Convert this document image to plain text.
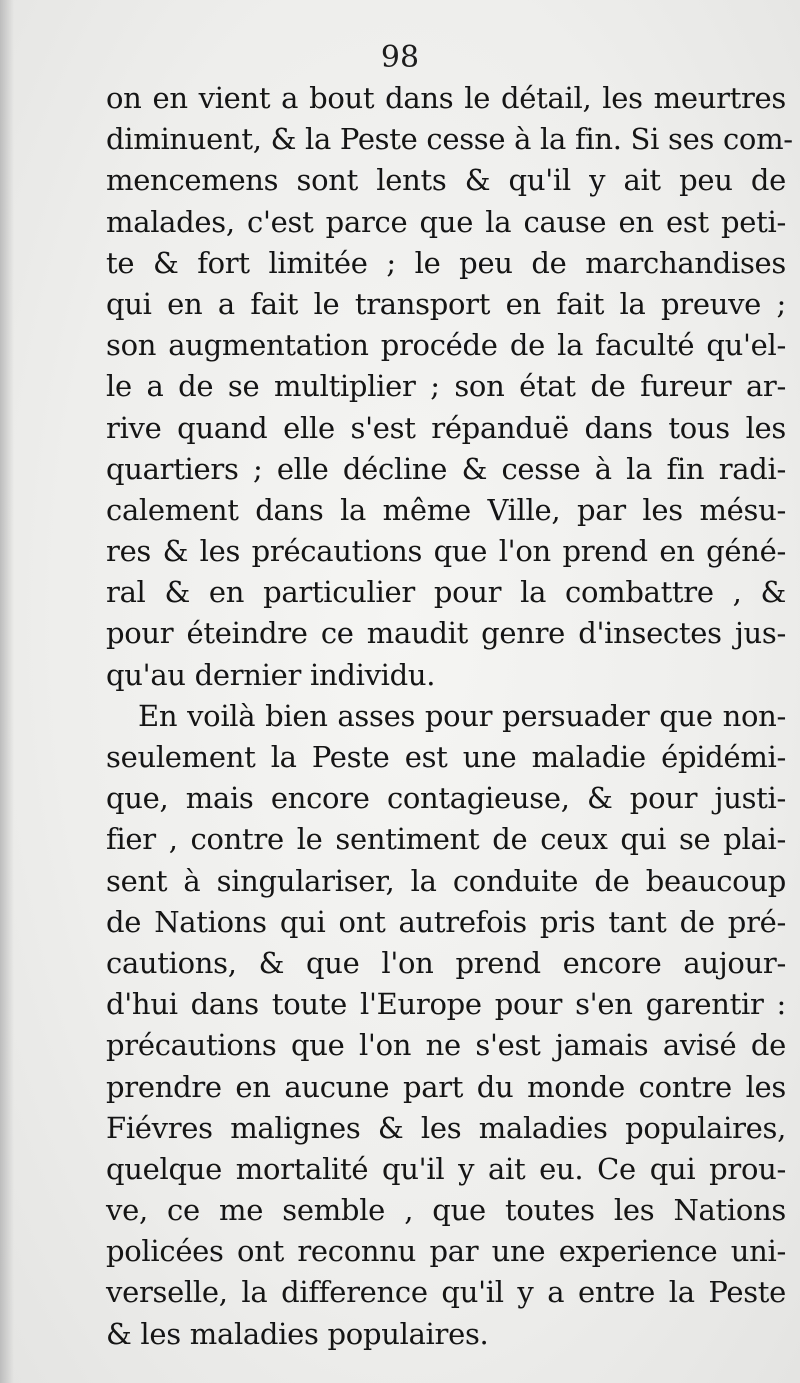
98
on en vient a bout dans le détail, les meurtres
diminuent, & la Peste cesse à la fin. Si ses com-
mencemens sont lents & qu'il y ait peu de
malades, c'est parce que la cause en est peti-
te & fort limitée ; le peu de marchandises
qui en a fait le transport en fait la preuve ;
son augmentation procéde de la faculté qu'el-
le a de se multiplier ; son état de fureur ar-
rive quand elle s'est répanduë dans tous les
quartiers ; elle décline & cesse à la fin radi-
calement dans la même Ville, par les mésu-
res & les précautions que l'on prend en géné-
ral & en particulier pour la combattre , &
pour éteindre ce maudit genre d'insectes jus-
qu'au dernier individu.
En voilà bien asses pour persuader que non-
seulement la Peste est une maladie épidémi-
que, mais encore contagieuse, & pour justi-
fier , contre le sentiment de ceux qui se plai-
sent à singulariser, la conduite de beaucoup
de Nations qui ont autrefois pris tant de pré-
cautions, & que l'on prend encore aujour-
d'hui dans toute l'Europe pour s'en garentir :
précautions que l'on ne s'est jamais avisé de
prendre en aucune part du monde contre les
Fiévres malignes & les maladies populaires,
quelque mortalité qu'il y ait eu. Ce qui prou-
ve, ce me semble , que toutes les Nations
policées ont reconnu par une experience uni-
verselle, la difference qu'il y a entre la Peste
& les maladies populaires.
